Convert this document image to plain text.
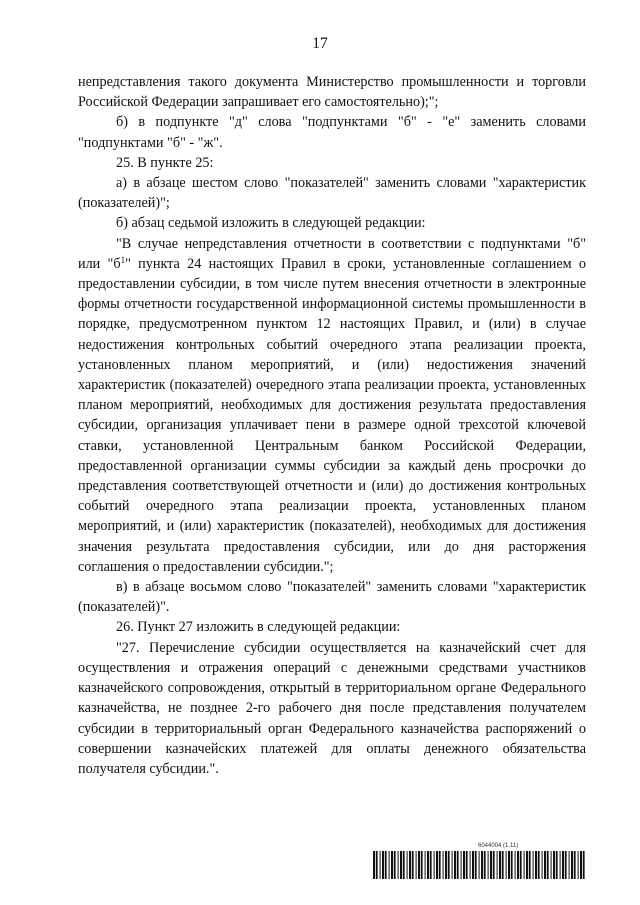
17

непредставления такого документа Министерство промышленности и торговли Российской Федерации запрашивает его самостоятельно);";

б) в подпункте "д" слова "подпунктами "б" - "е" заменить словами "подпунктами "б" - "ж".

25. В пункте 25:

а) в абзаце шестом слово "показателей" заменить словами "характеристик (показателей)";

б) абзац седьмой изложить в следующей редакции:

"В случае непредставления отчетности в соответствии с подпунктами "б" или "$б^1$" пункта 24 настоящих Правил в сроки, установленные соглашением о предоставлении субсидии, в том числе путем внесения отчетности в электронные формы отчетности государственной информационной системы промышленности в порядке, предусмотренном пунктом 12 настоящих Правил, и (или) в случае недостижения контрольных событий очередного этапа реализации проекта, установленных планом мероприятий, и (или) недостижения значений характеристик (показателей) очередного этапа реализации проекта, установленных планом мероприятий, необходимых для достижения результата предоставления субсидии, организация уплачивает пени в размере одной трехсотой ключевой ставки, установленной Центральным банком Российской Федерации, предоставленной организации суммы субсидии за каждый день просрочки до представления соответствующей отчетности и (или) до достижения контрольных событий очередного этапа реализации проекта, установленных планом мероприятий, и (или) характеристик (показателей), необходимых для достижения значения результата предоставления субсидии, или до дня расторжения соглашения о предоставлении субсидии.";

в) в абзаце восьмом слово "показателей" заменить словами "характеристик (показателей)".

26. Пункт 27 изложить в следующей редакции:

"27. Перечисление субсидии осуществляется на казначейский счет для осуществления и отражения операций с денежными средствами участников казначейского сопровождения, открытый в территориальном органе Федерального казначейства, не позднее 2-го рабочего дня после представления получателем субсидии в территориальный орган Федерального казначейства распоряжений о совершении казначейских платежей для оплаты денежного обязательства получателя субсидии.".

6044004 (1.11)
